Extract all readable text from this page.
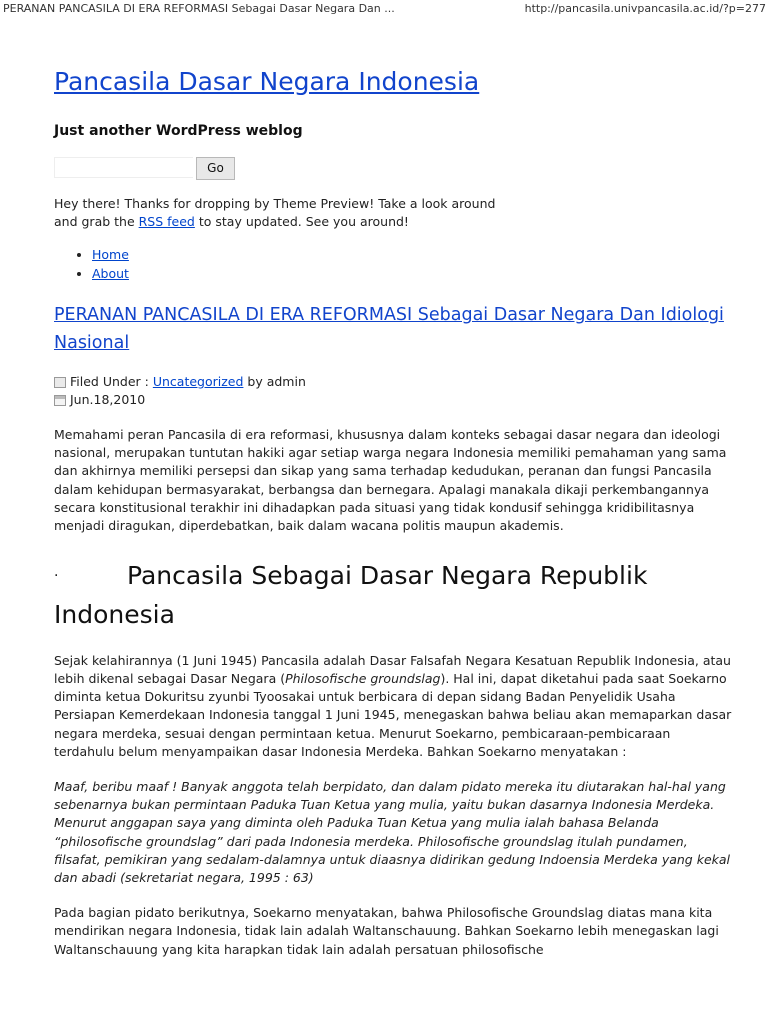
PERANAN PANCASILA DI ERA REFORMASI Sebagai Dasar Negara Dan ...	http://pancasila.univpancasila.ac.id/?p=277
Pancasila Dasar Negara Indonesia

Just another WordPress weblog

Go
Hey there! Thanks for dropping by Theme Preview! Take a look around and grab the RSS feed to stay updated. See you around!
• Home
• About
PERANAN PANCASILA DI ERA REFORMASI Sebagai Dasar Negara Dan Idiologi Nasional
Filed Under :
Uncategorized by admin
Jun.18,2010

Memahami peran Pancasila di era reformasi, khususnya dalam konteks sebagai dasar negara dan ideologi nasional, merupakan tuntutan hakiki agar setiap warga negara Indonesia memiliki pemahaman yang sama dan akhirnya memiliki persepsi dan sikap yang sama terhadap kedudukan, peranan dan fungsi Pancasila dalam kehidupan bermasyarakat, berbangsa dan bernegara. Apalagi manakala dikaji perkembangannya secara konstitusional terakhir ini dihadapkan pada situasi yang tidak kondusif sehingga kridibilitasnya menjadi diragukan, diperdebatkan, baik dalam wacana politis maupun akademis.

·	Pancasila Sebagai Dasar Negara Republik Indonesia

Sejak kelahirannya (1 Juni 1945) Pancasila adalah Dasar Falsafah Negara Kesatuan Republik Indonesia, atau lebih dikenal sebagai Dasar Negara (Philosofische groundslag). Hal ini, dapat diketahui pada saat Soekarno diminta ketua Dokuritsu zyunbi Tyoosakai untuk berbicara di depan sidang Badan Penyelidik Usaha Persiapan Kemerdekaan Indonesia tanggal 1 Juni 1945, menegaskan bahwa beliau akan memaparkan dasar negara merdeka, sesuai dengan permintaan ketua. Menurut Soekarno, pembicaraan-pembicaraan terdahulu belum menyampaikan dasar Indonesia Merdeka. Bahkan Soekarno menyatakan :

Maaf, beribu maaf ! Banyak anggota telah berpidato, dan dalam pidato mereka itu diutarakan hal-hal yang sebenarnya bukan permintaan Paduka Tuan Ketua yang mulia, yaitu bukan dasarnya Indonesia Merdeka. Menurut anggapan saya yang diminta oleh Paduka Tuan Ketua yang mulia ialah bahasa Belanda “philosofische groundslag” dari pada Indonesia merdeka. Philosofische groundslag itulah pundamen, filsafat, pemikiran yang sedalam-dalamnya untuk diaasnya didirikan gedung Indoensia Merdeka yang kekal dan abadi (sekretariat negara, 1995 : 63)

Pada bagian pidato berikutnya, Soekarno menyatakan, bahwa Philosofische Groundslag diatas mana kita mendirikan negara Indonesia, tidak lain adalah Waltanschauung. Bahkan Soekarno lebih menegaskan lagi Waltanschauung yang kita harapkan tidak lain adalah persatuan philosofische
